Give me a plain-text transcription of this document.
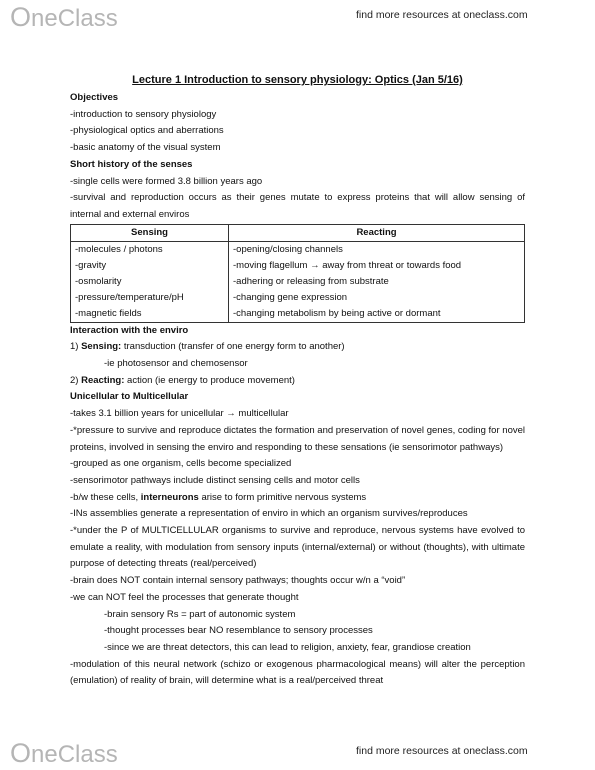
OneClass	find more resources at oneclass.com
Lecture 1 Introduction to sensory physiology: Optics (Jan 5/16)
Objectives
-introduction to sensory physiology
-physiological optics and aberrations
-basic anatomy of the visual system
Short history of the senses
-single cells were formed 3.8 billion years ago
-survival and reproduction occurs as their genes mutate to express proteins that will allow sensing of internal and external enviros
Sensing	Reacting
-molecules / photons	-opening/closing channels
-gravity	-moving flagellum → away from threat or towards food
-osmolarity	-adhering or releasing from substrate
-pressure/temperature/pH	-changing gene expression
-magnetic fields	-changing metabolism by being active or dormant
Interaction with the enviro
1) Sensing: transduction (transfer of one energy form to another)
-ie photosensor and chemosensor
2) Reacting: action (ie energy to produce movement)
Unicellular to Multicellular
-takes 3.1 billion years for unicellular → multicellular
-*pressure to survive and reproduce dictates the formation and preservation of novel genes, coding for novel proteins, involved in sensing the enviro and responding to these sensations (ie sensorimotor pathways)
-grouped as one organism, cells become specialized
-sensorimotor pathways include distinct sensing cells and motor cells
-b/w these cells, interneurons arise to form primitive nervous systems
-INs assemblies generate a representation of enviro in which an organism survives/reproduces
-*under the P of MULTICELLULAR organisms to survive and reproduce, nervous systems have evolved to emulate a reality, with modulation from sensory inputs (internal/external) or without (thoughts), with ultimate purpose of detecting threats (real/perceived)
-brain does NOT contain internal sensory pathways; thoughts occur w/n a “void”
-we can NOT feel the processes that generate thought
-brain sensory Rs = part of autonomic system
-thought processes bear NO resemblance to sensory processes
-since we are threat detectors, this can lead to religion, anxiety, fear, grandiose creation
-modulation of this neural network (schizo or exogenous pharmacological means) will alter the perception (emulation) of reality of brain, will determine what is a real/perceived threat
OneClass	find more resources at oneclass.com
